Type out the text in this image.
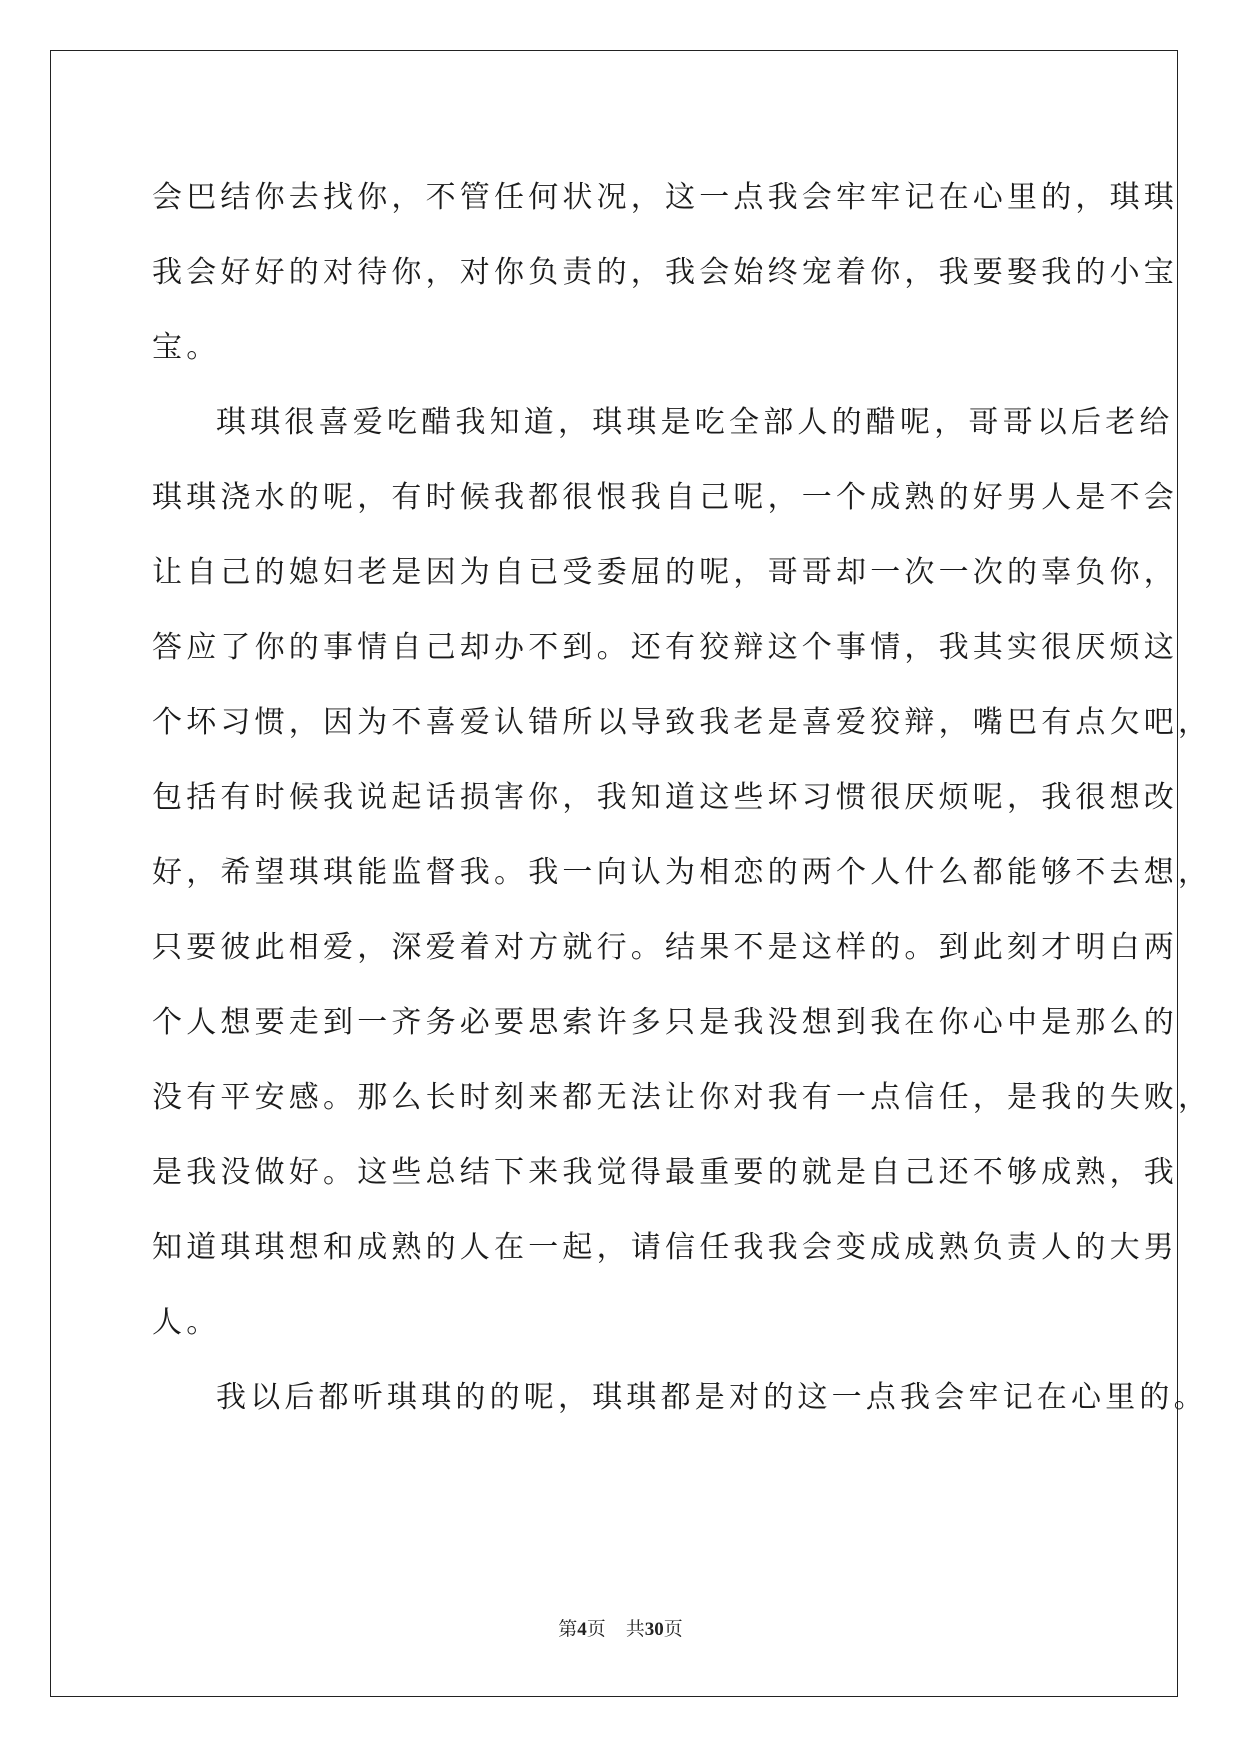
会巴结你去找你，不管任何状况，这一点我会牢牢记在心里的，琪琪
我会好好的对待你，对你负责的，我会始终宠着你，我要娶我的小宝
宝。
琪琪很喜爱吃醋我知道，琪琪是吃全部人的醋呢，哥哥以后老给
琪琪浇水的呢，有时候我都很恨我自己呢，一个成熟的好男人是不会
让自己的媳妇老是因为自已受委屈的呢，哥哥却一次一次的辜负你，
答应了你的事情自己却办不到。还有狡辩这个事情，我其实很厌烦这
个坏习惯，因为不喜爱认错所以导致我老是喜爱狡辩，嘴巴有点欠吧，
包括有时候我说起话损害你，我知道这些坏习惯很厌烦呢，我很想改
好，希望琪琪能监督我。我一向认为相恋的两个人什么都能够不去想，
只要彼此相爱，深爱着对方就行。结果不是这样的。到此刻才明白两
个人想要走到一齐务必要思索许多只是我没想到我在你心中是那么的
没有平安感。那么长时刻来都无法让你对我有一点信任，是我的失败，
是我没做好。这些总结下来我觉得最重要的就是自己还不够成熟，我
知道琪琪想和成熟的人在一起，请信任我我会变成成熟负责人的大男
人。
我以后都听琪琪的的呢，琪琪都是对的这一点我会牢记在心里的。
第4页 共30页
